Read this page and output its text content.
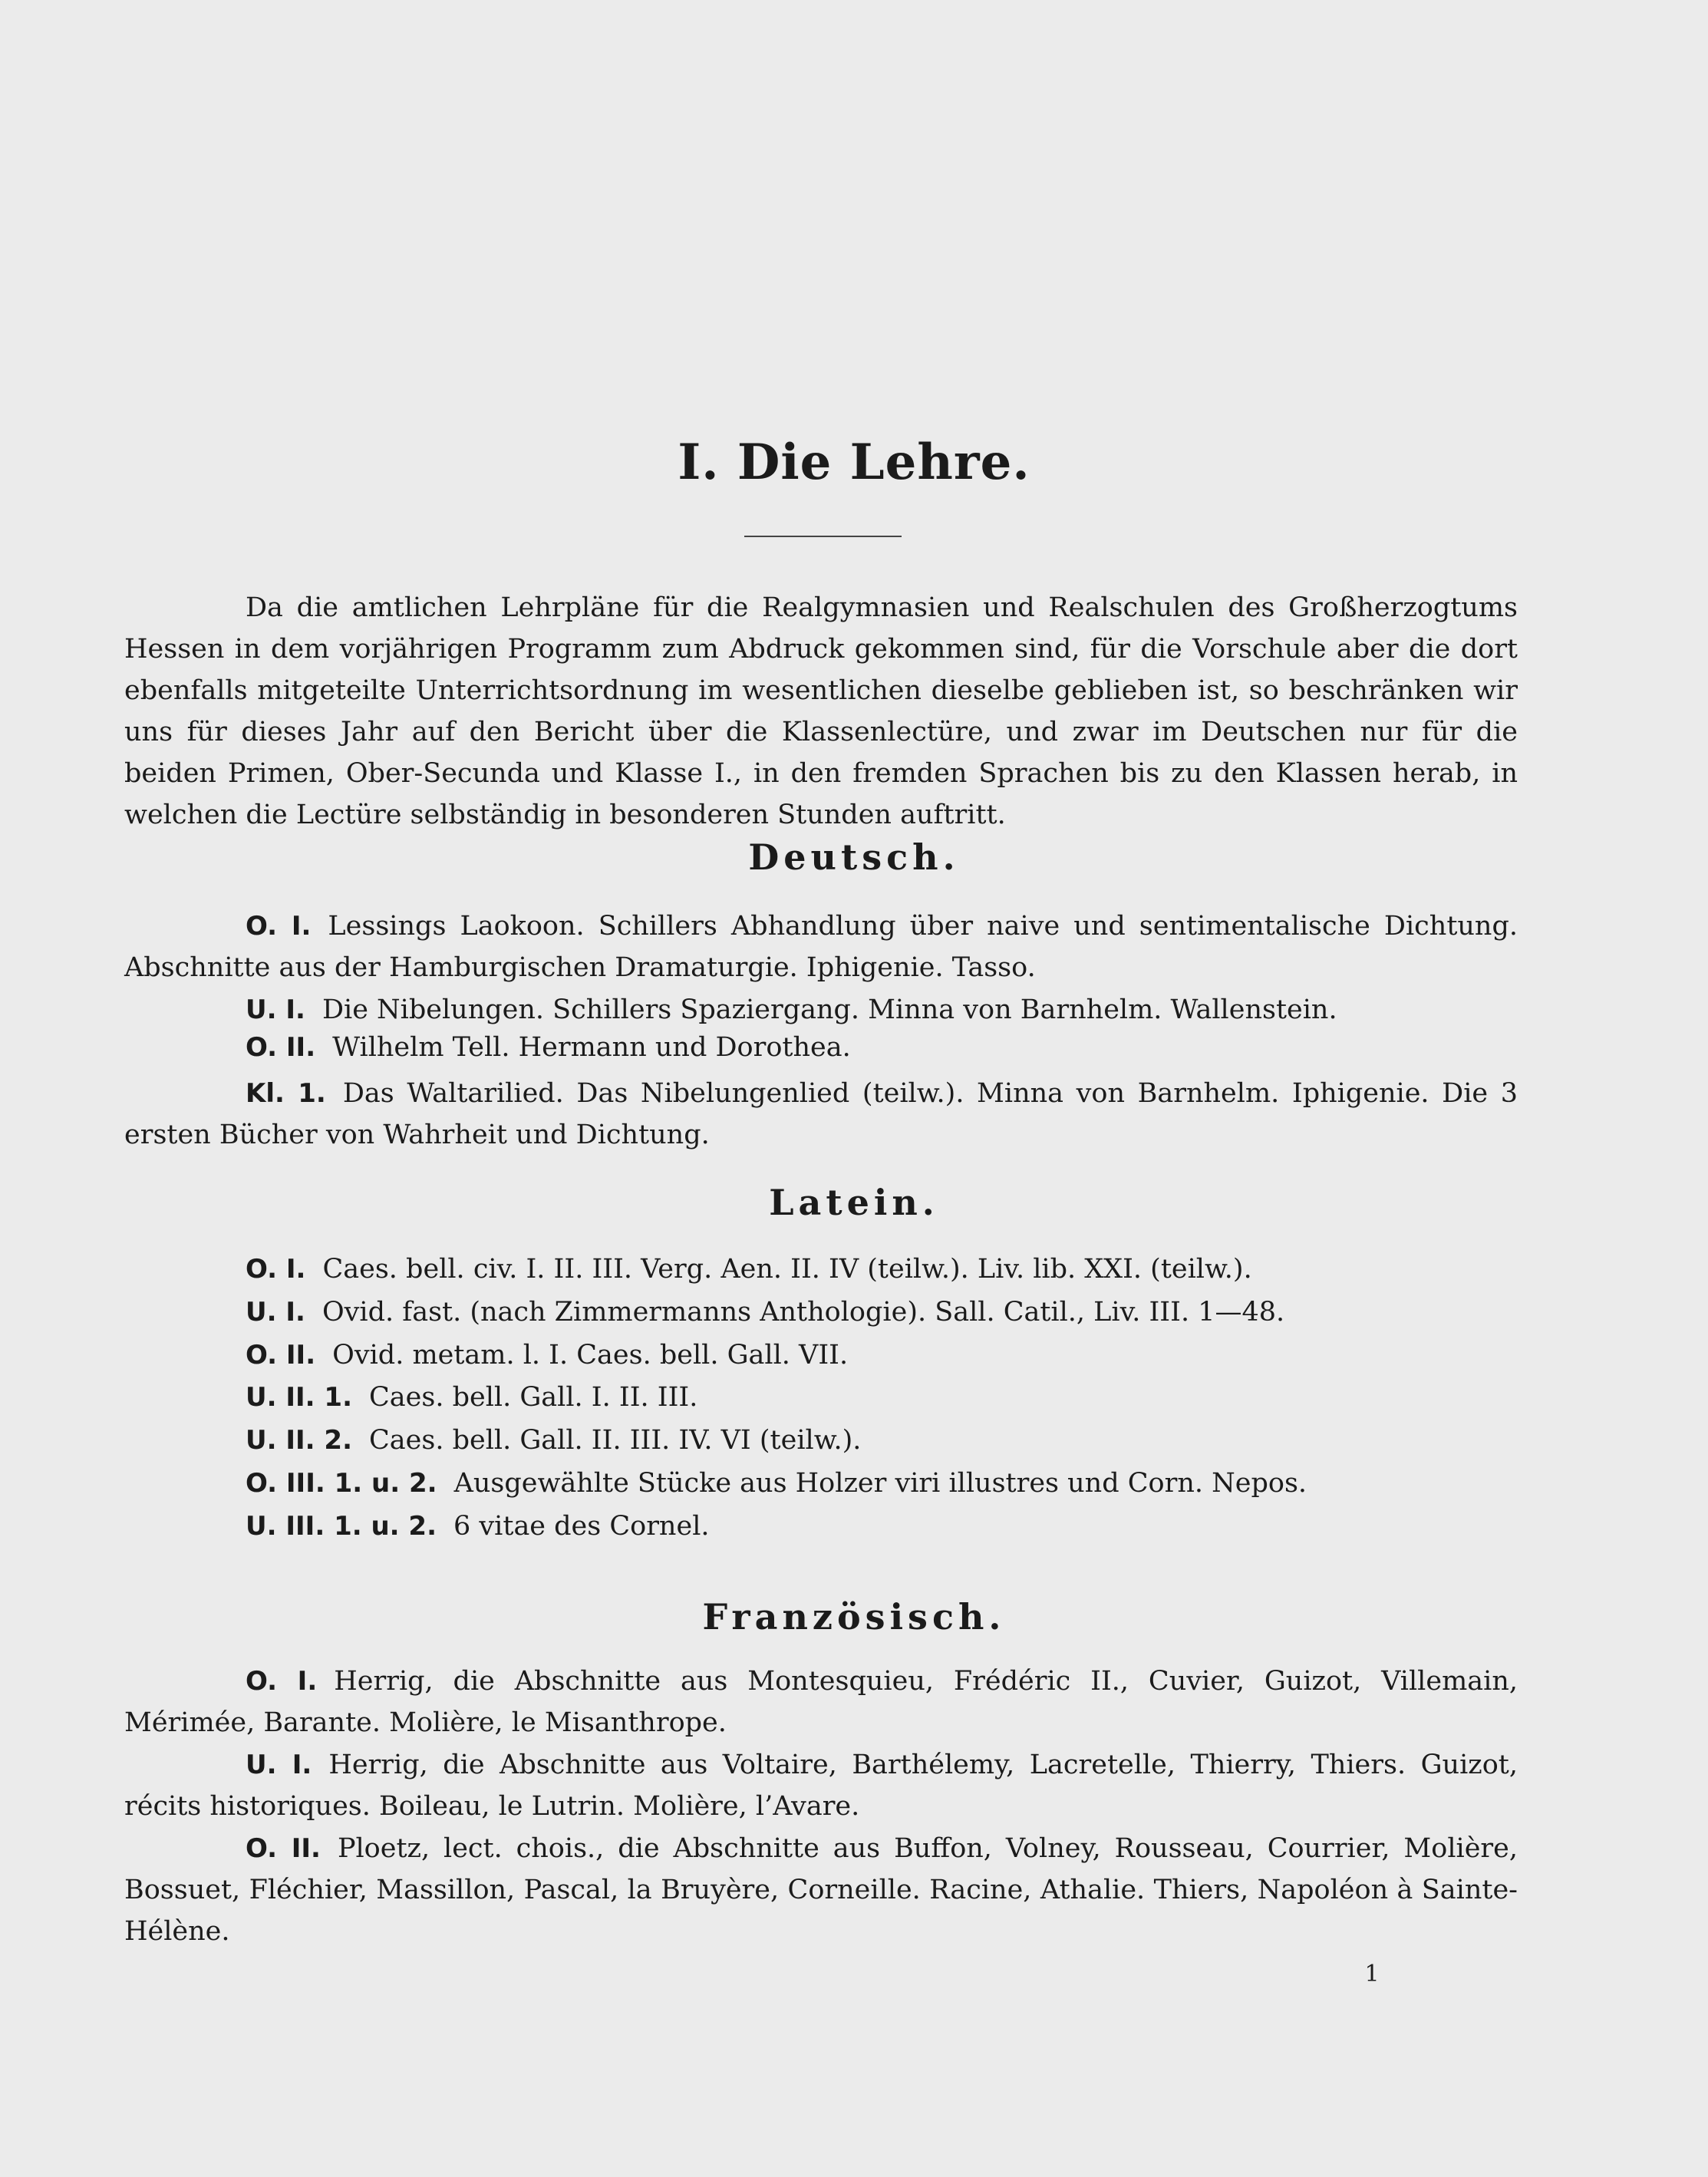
I. Die Lehre.

Da die amtlichen Lehrpläne für die Realgymnasien und Realschulen des Großherzogtums Hessen in dem vorjährigen Programm zum Abdruck gekommen sind, für die Vorschule aber die dort ebenfalls mitgeteilte Unterrichtsordnung im wesentlichen dieselbe geblieben ist, so beschränken wir uns für dieses Jahr auf den Bericht über die Klassenlectüre, und zwar im Deutschen nur für die beiden Primen, Ober-Secunda und Klasse I., in den fremden Sprachen bis zu den Klassen herab, in welchen die Lectüre selbständig in besonderen Stunden auftritt.

Deutsch.

O. I. Lessings Laokoon. Schillers Abhandlung über naive und sentimentalische Dichtung. Abschnitte aus der Hamburgischen Dramaturgie. Iphigenie. Tasso.

U. I. Die Nibelungen. Schillers Spaziergang. Minna von Barnhelm. Wallenstein.

O. II. Wilhelm Tell. Hermann und Dorothea.

Kl. 1. Das Waltarilied. Das Nibelungenlied (teilw.). Minna von Barnhelm. Iphigenie. Die 3 ersten Bücher von Wahrheit und Dichtung.

Latein.

O. I. Caes. bell. civ. I. II. III. Verg. Aen. II. IV (teilw.). Liv. lib. XXI. (teilw.).

U. I. Ovid. fast. (nach Zimmermanns Anthologie). Sall. Catil., Liv. III. 1—48.

O. II. Ovid. metam. l. I. Caes. bell. Gall. VII.

U. II. 1. Caes. bell. Gall. I. II. III.

U. II. 2. Caes. bell. Gall. II. III. IV. VI (teilw.).

O. III. 1. u. 2. Ausgewählte Stücke aus Holzer viri illustres und Corn. Nepos.

U. III. 1. u. 2. 6 vitae des Cornel.

Französisch.

O. I. Herrig, die Abschnitte aus Montesquieu, Frédéric II., Cuvier, Guizot, Villemain, Mérimée, Barante. Molière, le Misanthrope.

U. I. Herrig, die Abschnitte aus Voltaire, Barthélemy, Lacretelle, Thierry, Thiers. Guizot, récits historiques. Boileau, le Lutrin. Molière, l’Avare.

O. II. Ploetz, lect. chois., die Abschnitte aus Buffon, Volney, Rousseau, Courrier, Molière, Bossuet, Fléchier, Massillon, Pascal, la Bruyère, Corneille. Racine, Athalie. Thiers, Napoléon à Sainte-Hélène.

1
